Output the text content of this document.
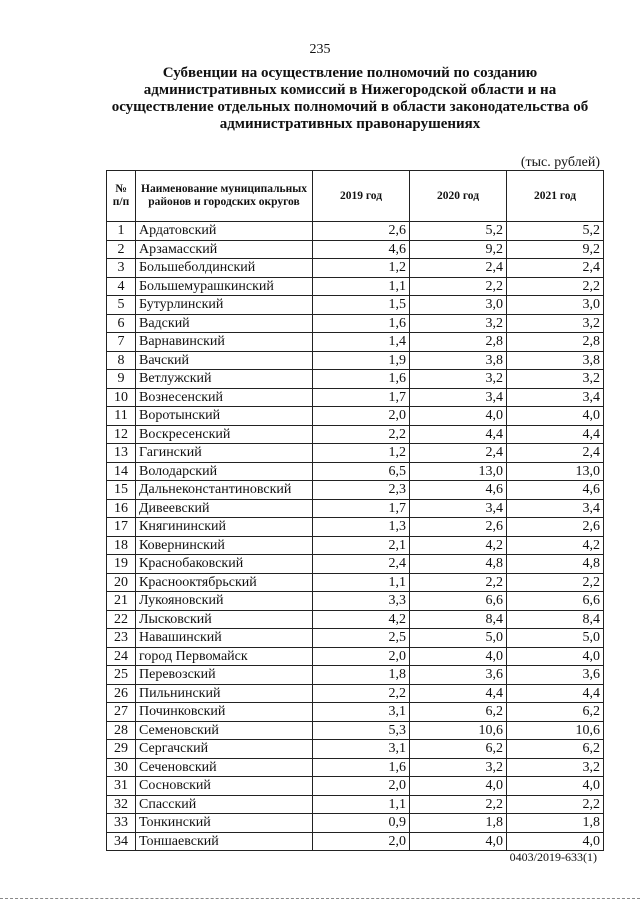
235
Субвенции на осуществление полномочий по созданию
административных комиссий в Нижегородской области и на
осуществление отдельных полномочий в области законодательства об
административных правонарушениях
(тыс. рублей)
№ п/п	Наименование муниципальных районов и городских округов	2019 год	2020 год	2021 год
1	Ардатовский	2,6	5,2	5,2
2	Арзамасский	4,6	9,2	9,2
3	Большеболдинский	1,2	2,4	2,4
4	Большемурашкинский	1,1	2,2	2,2
5	Бутурлинский	1,5	3,0	3,0
6	Вадский	1,6	3,2	3,2
7	Варнавинский	1,4	2,8	2,8
8	Вачский	1,9	3,8	3,8
9	Ветлужский	1,6	3,2	3,2
10	Вознесенский	1,7	3,4	3,4
11	Воротынский	2,0	4,0	4,0
12	Воскресенский	2,2	4,4	4,4
13	Гагинский	1,2	2,4	2,4
14	Володарский	6,5	13,0	13,0
15	Дальнеконстантиновский	2,3	4,6	4,6
16	Дивеевский	1,7	3,4	3,4
17	Княгининский	1,3	2,6	2,6
18	Ковернинский	2,1	4,2	4,2
19	Краснобаковский	2,4	4,8	4,8
20	Краснооктябрьский	1,1	2,2	2,2
21	Лукояновский	3,3	6,6	6,6
22	Лысковский	4,2	8,4	8,4
23	Навашинский	2,5	5,0	5,0
24	город Первомайск	2,0	4,0	4,0
25	Перевозский	1,8	3,6	3,6
26	Пильнинский	2,2	4,4	4,4
27	Починковский	3,1	6,2	6,2
28	Семеновский	5,3	10,6	10,6
29	Сергачский	3,1	6,2	6,2
30	Сеченовский	1,6	3,2	3,2
31	Сосновский	2,0	4,0	4,0
32	Спасский	1,1	2,2	2,2
33	Тонкинский	0,9	1,8	1,8
34	Тоншаевский	2,0	4,0	4,0
0403/2019-633(1)
